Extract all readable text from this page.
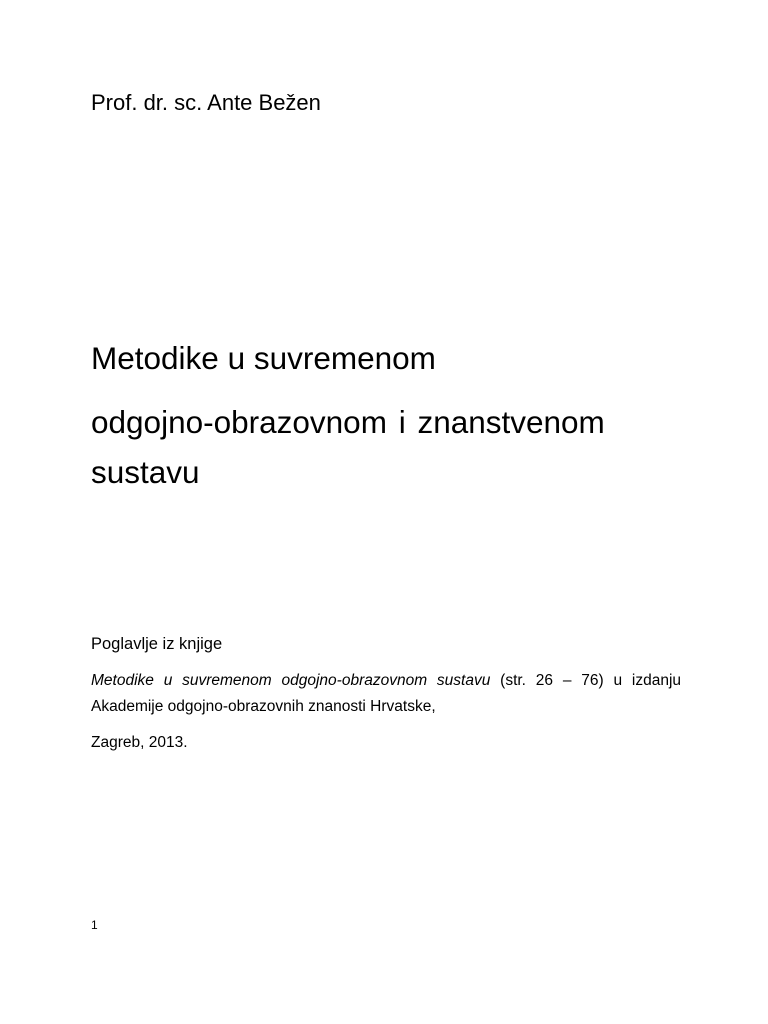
Prof. dr. sc. Ante Bežen
Metodike u suvremenom
odgojno-obrazovnom i znanstvenom
sustavu
Poglavlje iz knjige
Metodike u suvremenom odgojno-obrazovnom sustavu (str. 26 – 76) u izdanju
Akademije odgojno-obrazovnih znanosti Hrvatske,
Zagreb, 2013.
1
